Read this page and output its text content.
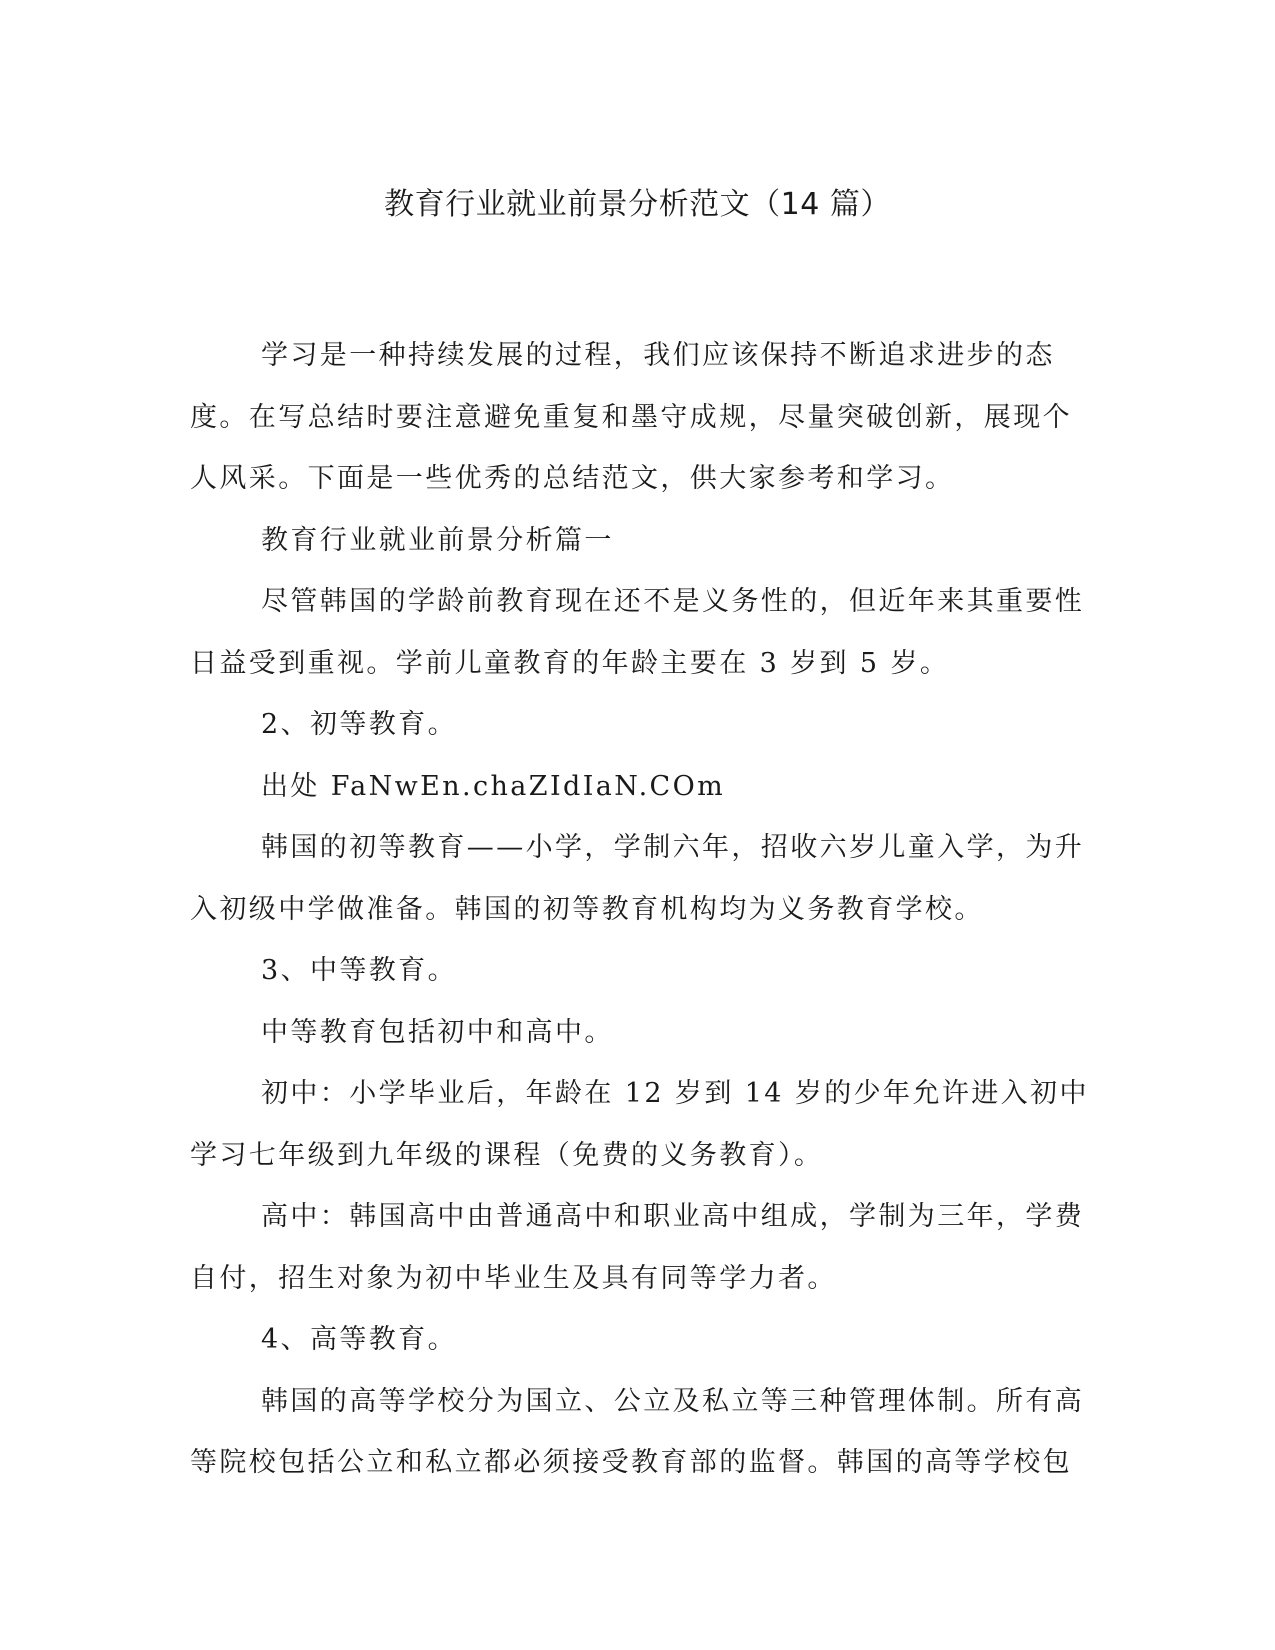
教育行业就业前景分析范文（14 篇）

学习是一种持续发展的过程，我们应该保持不断追求进步的态度。在写总结时要注意避免重复和墨守成规，尽量突破创新，展现个人风采。下面是一些优秀的总结范文，供大家参考和学习。

教育行业就业前景分析篇一

尽管韩国的学龄前教育现在还不是义务性的，但近年来其重要性日益受到重视。学前儿童教育的年龄主要在 3 岁到 5 岁。

2、初等教育。

出处 FaNwEn.chaZIdIaN.COm

韩国的初等教育——小学，学制六年，招收六岁儿童入学，为升入初级中学做准备。韩国的初等教育机构均为义务教育学校。

3、中等教育。

中等教育包括初中和高中。

初中：小学毕业后，年龄在 12 岁到 14 岁的少年允许进入初中学习七年级到九年级的课程（免费的义务教育）。

高中：韩国高中由普通高中和职业高中组成，学制为三年，学费自付，招生对象为初中毕业生及具有同等学力者。

4、高等教育。

韩国的高等学校分为国立、公立及私立等三种管理体制。所有高等院校包括公立和私立都必须接受教育部的监督。韩国的高等学校包
